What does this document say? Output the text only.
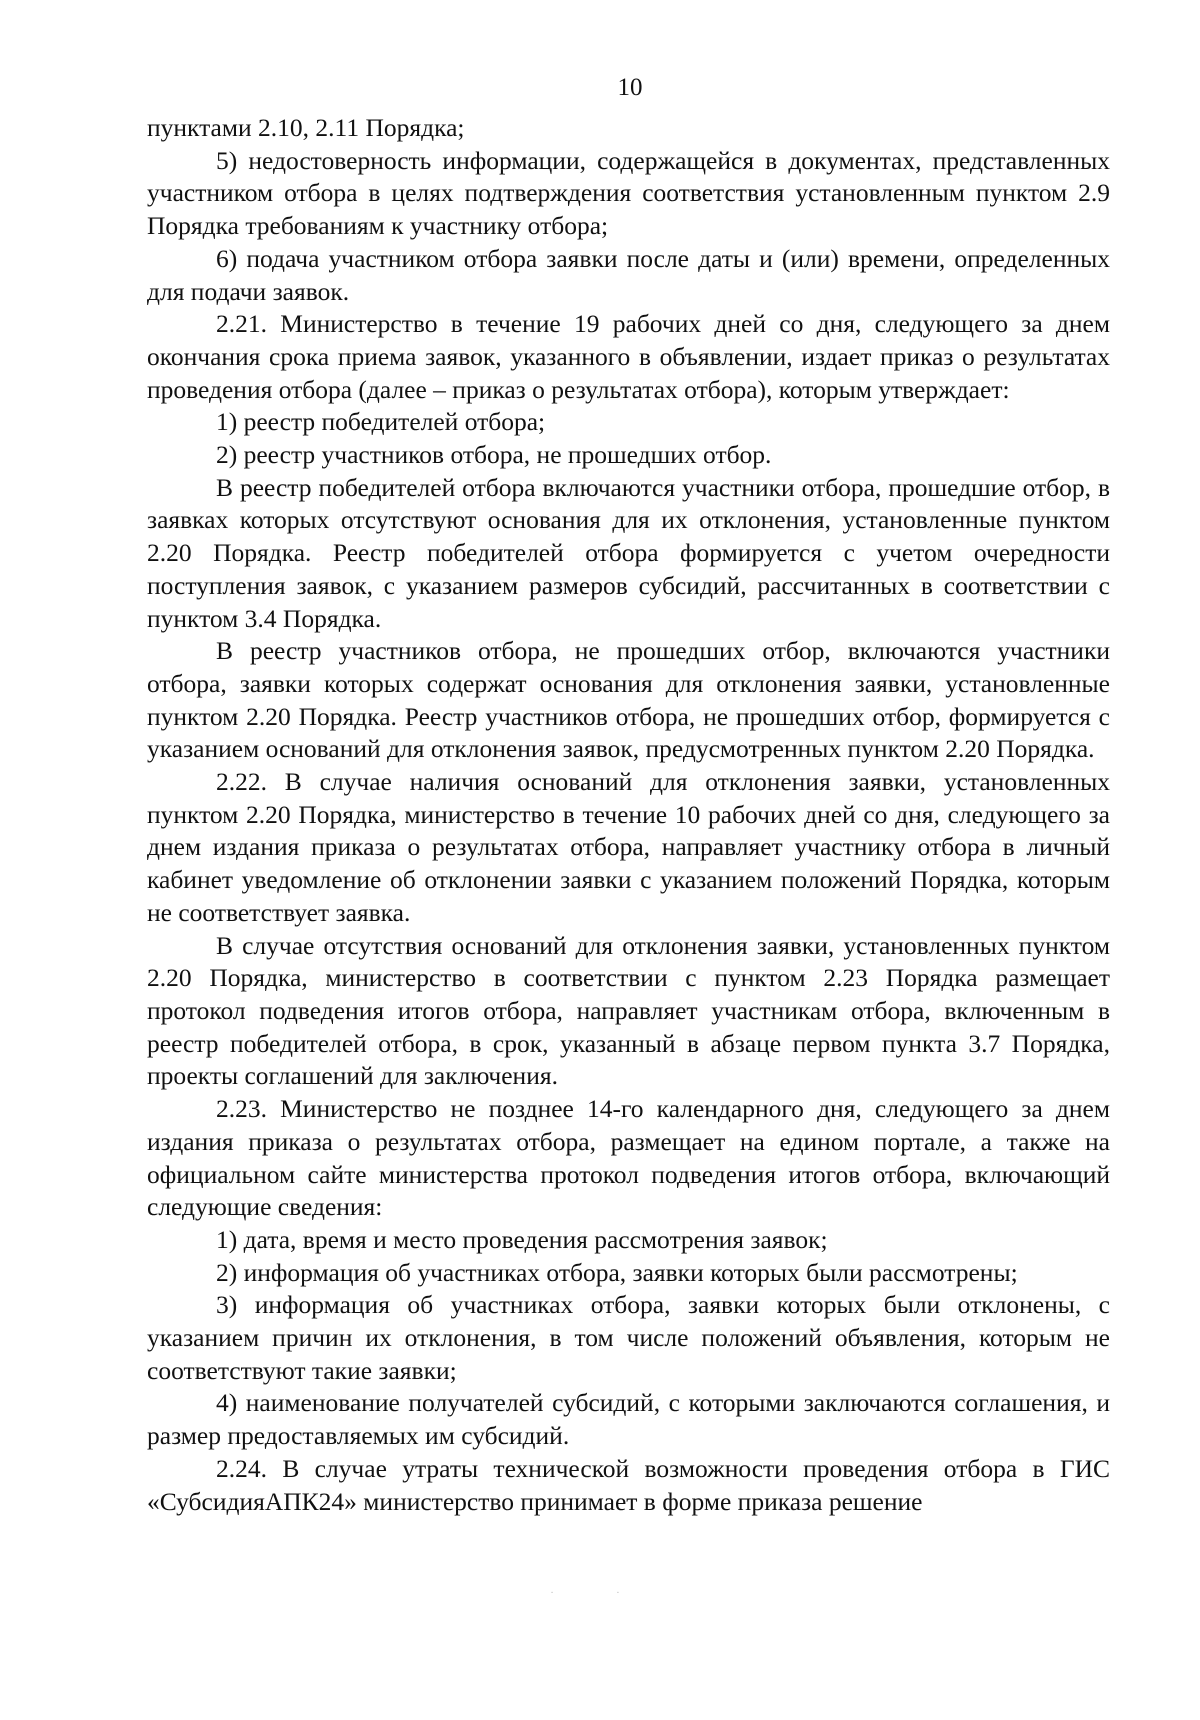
10

пунктами 2.10, 2.11 Порядка;

5) недостоверность информации, содержащейся в документах, представленных участником отбора в целях подтверждения соответствия установленным пунктом 2.9 Порядка требованиям к участнику отбора;

6) подача участником отбора заявки после даты и (или) времени, определенных для подачи заявок.

2.21. Министерство в течение 19 рабочих дней со дня, следующего за днем окончания срока приема заявок, указанного в объявлении, издает приказ о результатах проведения отбора (далее – приказ о результатах отбора), которым утверждает:

1) реестр победителей отбора;

2) реестр участников отбора, не прошедших отбор.

В реестр победителей отбора включаются участники отбора, прошедшие отбор, в заявках которых отсутствуют основания для их отклонения, установленные пунктом 2.20 Порядка. Реестр победителей отбора формируется с учетом очередности поступления заявок, с указанием размеров субсидий, рассчитанных в соответствии с пунктом 3.4 Порядка.

В реестр участников отбора, не прошедших отбор, включаются участники отбора, заявки которых содержат основания для отклонения заявки, установленные пунктом 2.20 Порядка. Реестр участников отбора, не прошедших отбор, формируется с указанием оснований для отклонения заявок, предусмотренных пунктом 2.20 Порядка.

2.22. В случае наличия оснований для отклонения заявки, установленных пунктом 2.20 Порядка, министерство в течение 10 рабочих дней со дня, следующего за днем издания приказа о результатах отбора, направляет участнику отбора в личный кабинет уведомление об отклонении заявки с указанием положений Порядка, которым не соответствует заявка.

В случае отсутствия оснований для отклонения заявки, установленных пунктом 2.20 Порядка, министерство в соответствии с пунктом 2.23 Порядка размещает протокол подведения итогов отбора, направляет участникам отбора, включенным в реестр победителей отбора, в срок, указанный в абзаце первом пункта 3.7 Порядка, проекты соглашений для заключения.

2.23. Министерство не позднее 14-го календарного дня, следующего за днем издания приказа о результатах отбора, размещает на едином портале, а также на официальном сайте министерства протокол подведения итогов отбора, включающий следующие сведения:

1) дата, время и место проведения рассмотрения заявок;

2) информация об участниках отбора, заявки которых были рассмотрены;

3) информация об участниках отбора, заявки которых были отклонены, с указанием причин их отклонения, в том числе положений объявления, которым не соответствуют такие заявки;

4) наименование получателей субсидий, с которыми заключаются соглашения, и размер предоставляемых им субсидий.

2.24. В случае утраты технической возможности проведения отбора в ГИС «СубсидияАПК24» министерство принимает в форме приказа решение

· ·
